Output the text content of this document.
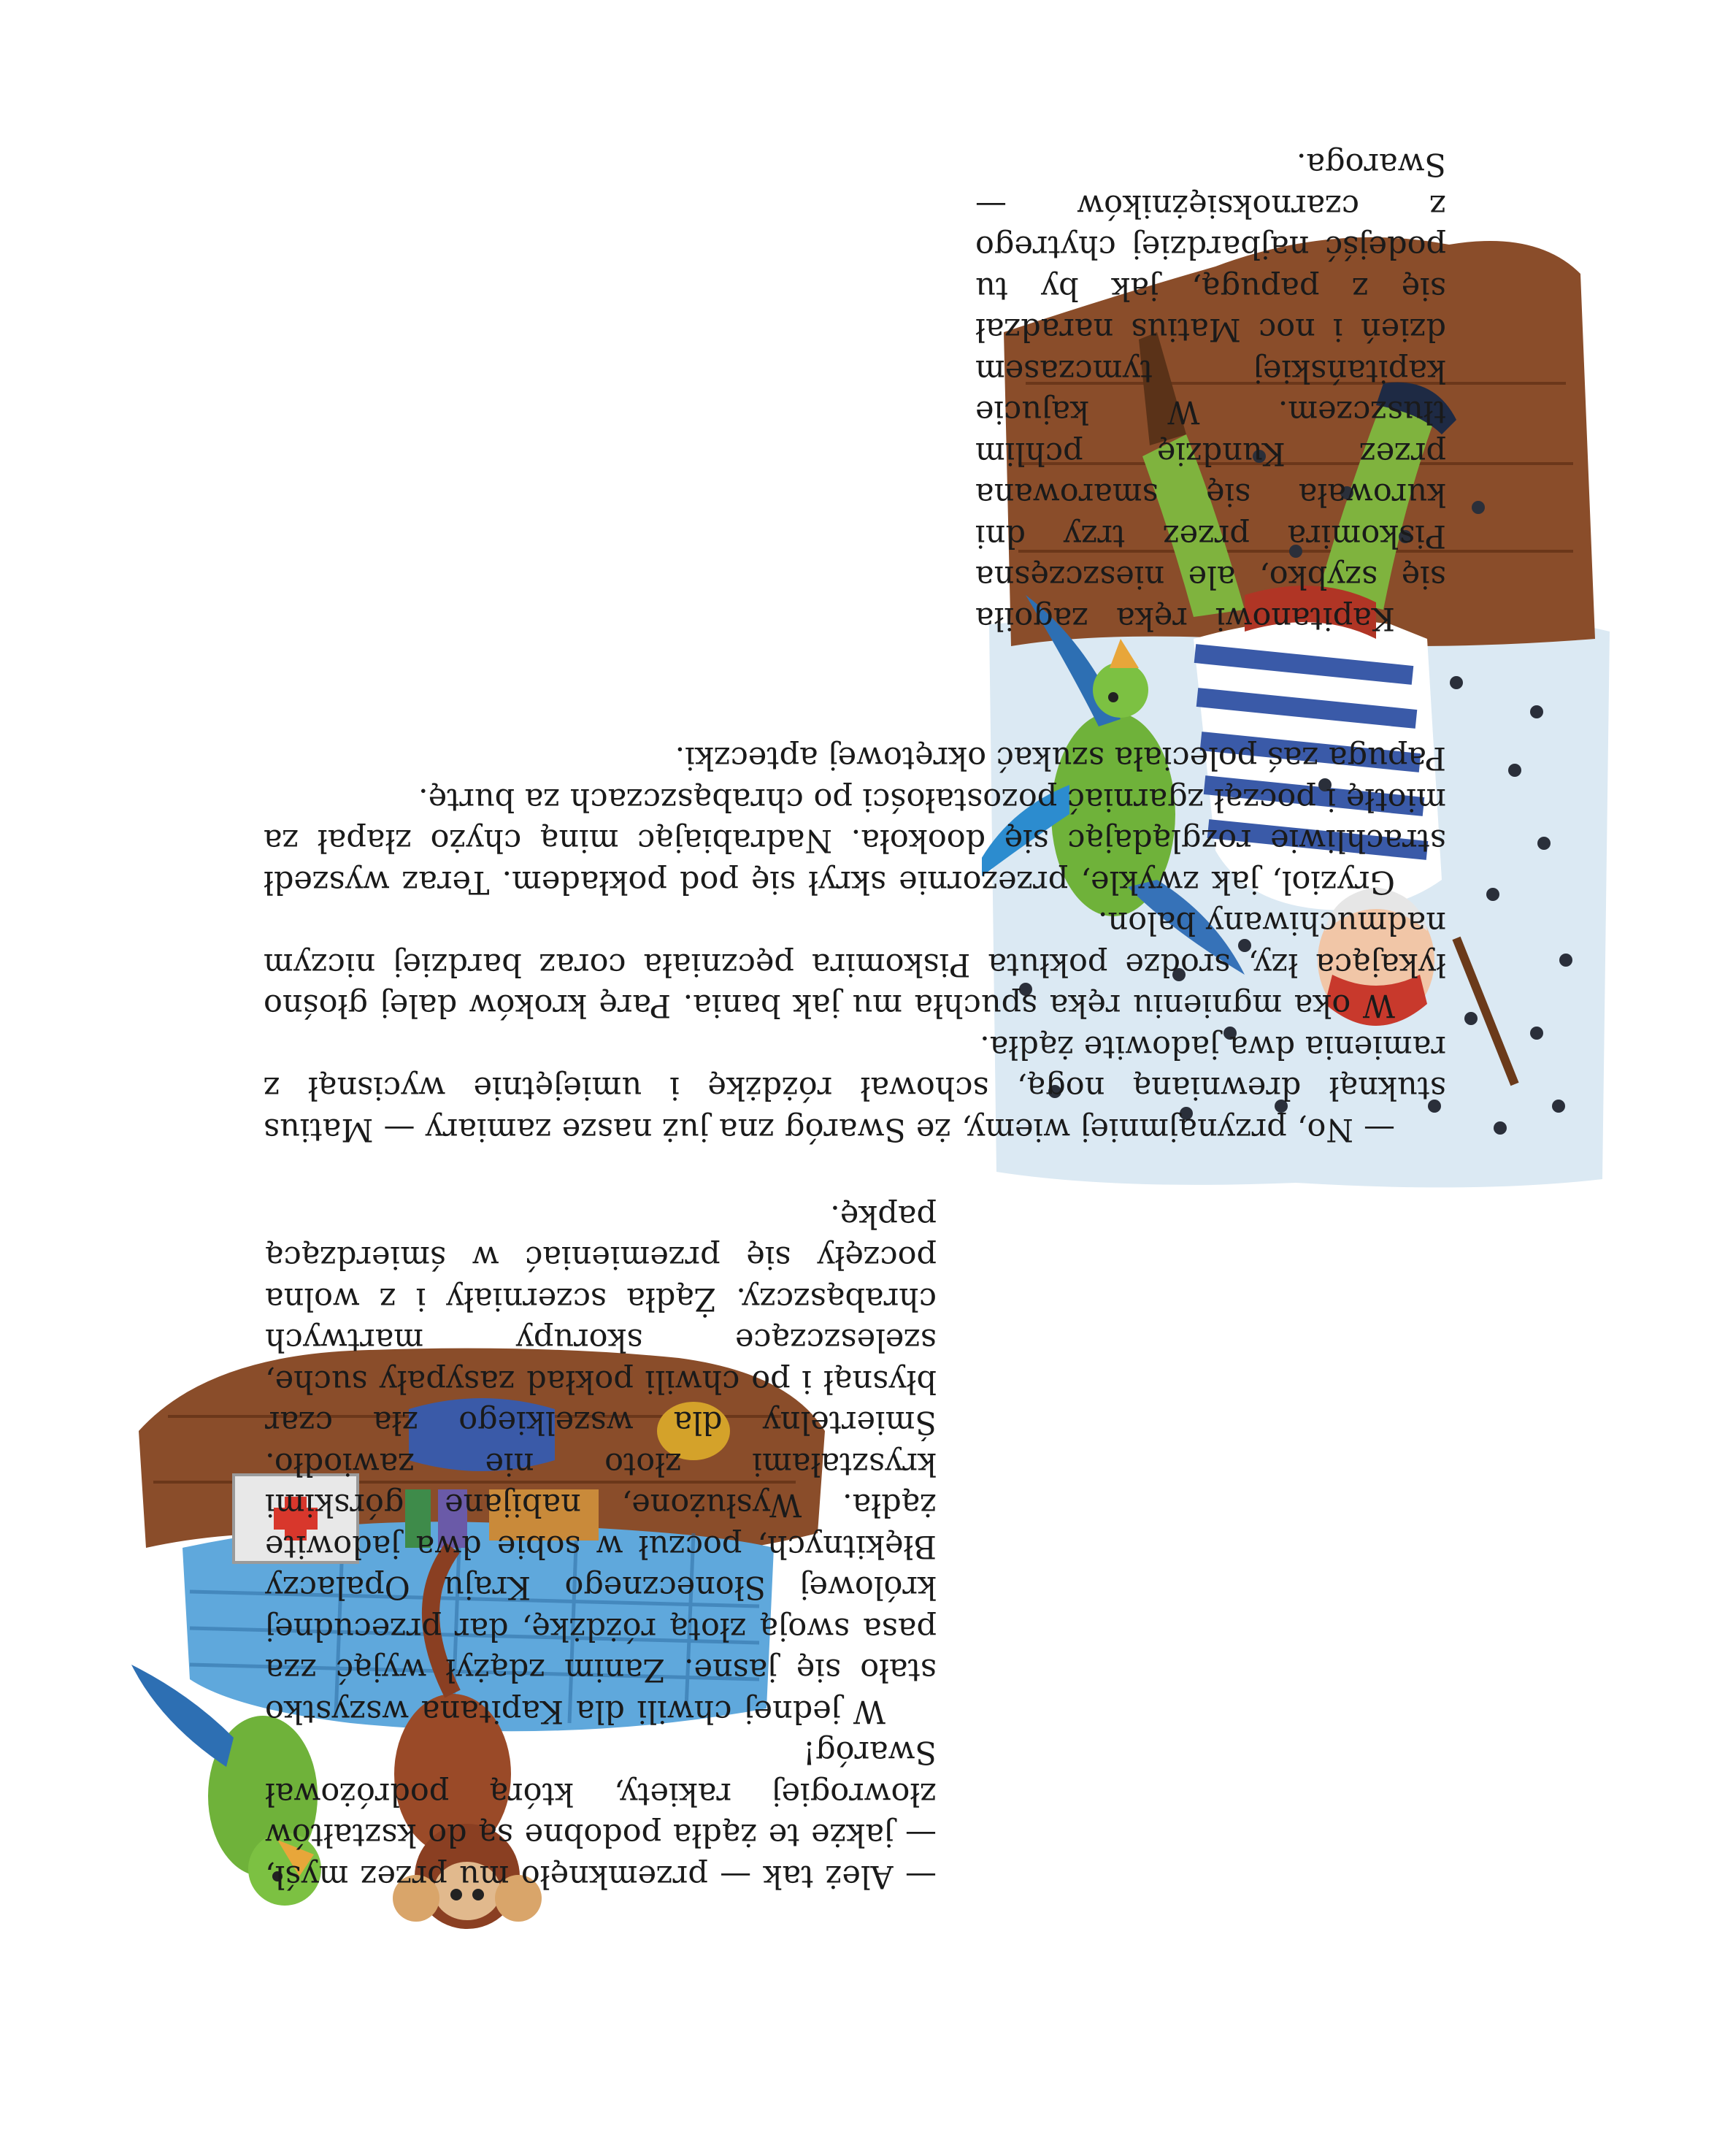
— Ależ tak — przemknęło mu przez myśl, — jakże te żądła podobne są do kształtów złowrogiej rakiety, którą podróżował Swaróg!

W jednej chwili dla Kapitana wszystko stało się jasne. Zanim zdążył wyjąć zza pasa swoją złotą różdżkę, dar przecudnej królowej Słonecznego Kraju Opalaczy Błękitnych, poczuł w sobie dwa jadowite żądła. Wysłużone, nabijane górskimi kryształami złoto nie zawiodło. Śmiertelny dla wszelkiego zła czar błysnął i po chwili pokład zasypały suche, szeleszczące skorupy martwych chrabąszczy. Żądła sczerniały i z wolna poczęły się przemieniać w śmierdzącą papkę.

— No, przynajmniej wiemy, że Swaróg zna już nasze zamiary — Matius stuknął drewnianą nogą, schował różdżkę i umiejętnie wycisnął z ramienia dwa jadowite żądła.

W oka mgnieniu ręka spuchła mu jak bania. Parę kroków dalej głośno łykająca łzy, srodze pokłuta Piskomira pęczniała coraz bardziej niczym nadmuchiwany balon.

Gryziol, jak zwykle, przezornie skrył się pod pokładem. Teraz wyszedł strachliwie rozglądając się dookoła. Nadrabiając miną chyżo złapał za miotłę i począł zgarniać pozostałości po chrabąszczach za burtę.

Papuga zaś poleciała szukać okrętowej apteczki.

Kapitanowi ręka zagoiła się szybko, ale nieszczęsna Piskomira przez trzy dni kurowała się smarowana przez Kundzię pchlim tłuszczem. W kajucie kapitańskiej tymczasem dzień i noc Matius naradzał się z papugą, jak by tu podejść najbardziej chytrego z czarnoksiężników — Swaroga.
